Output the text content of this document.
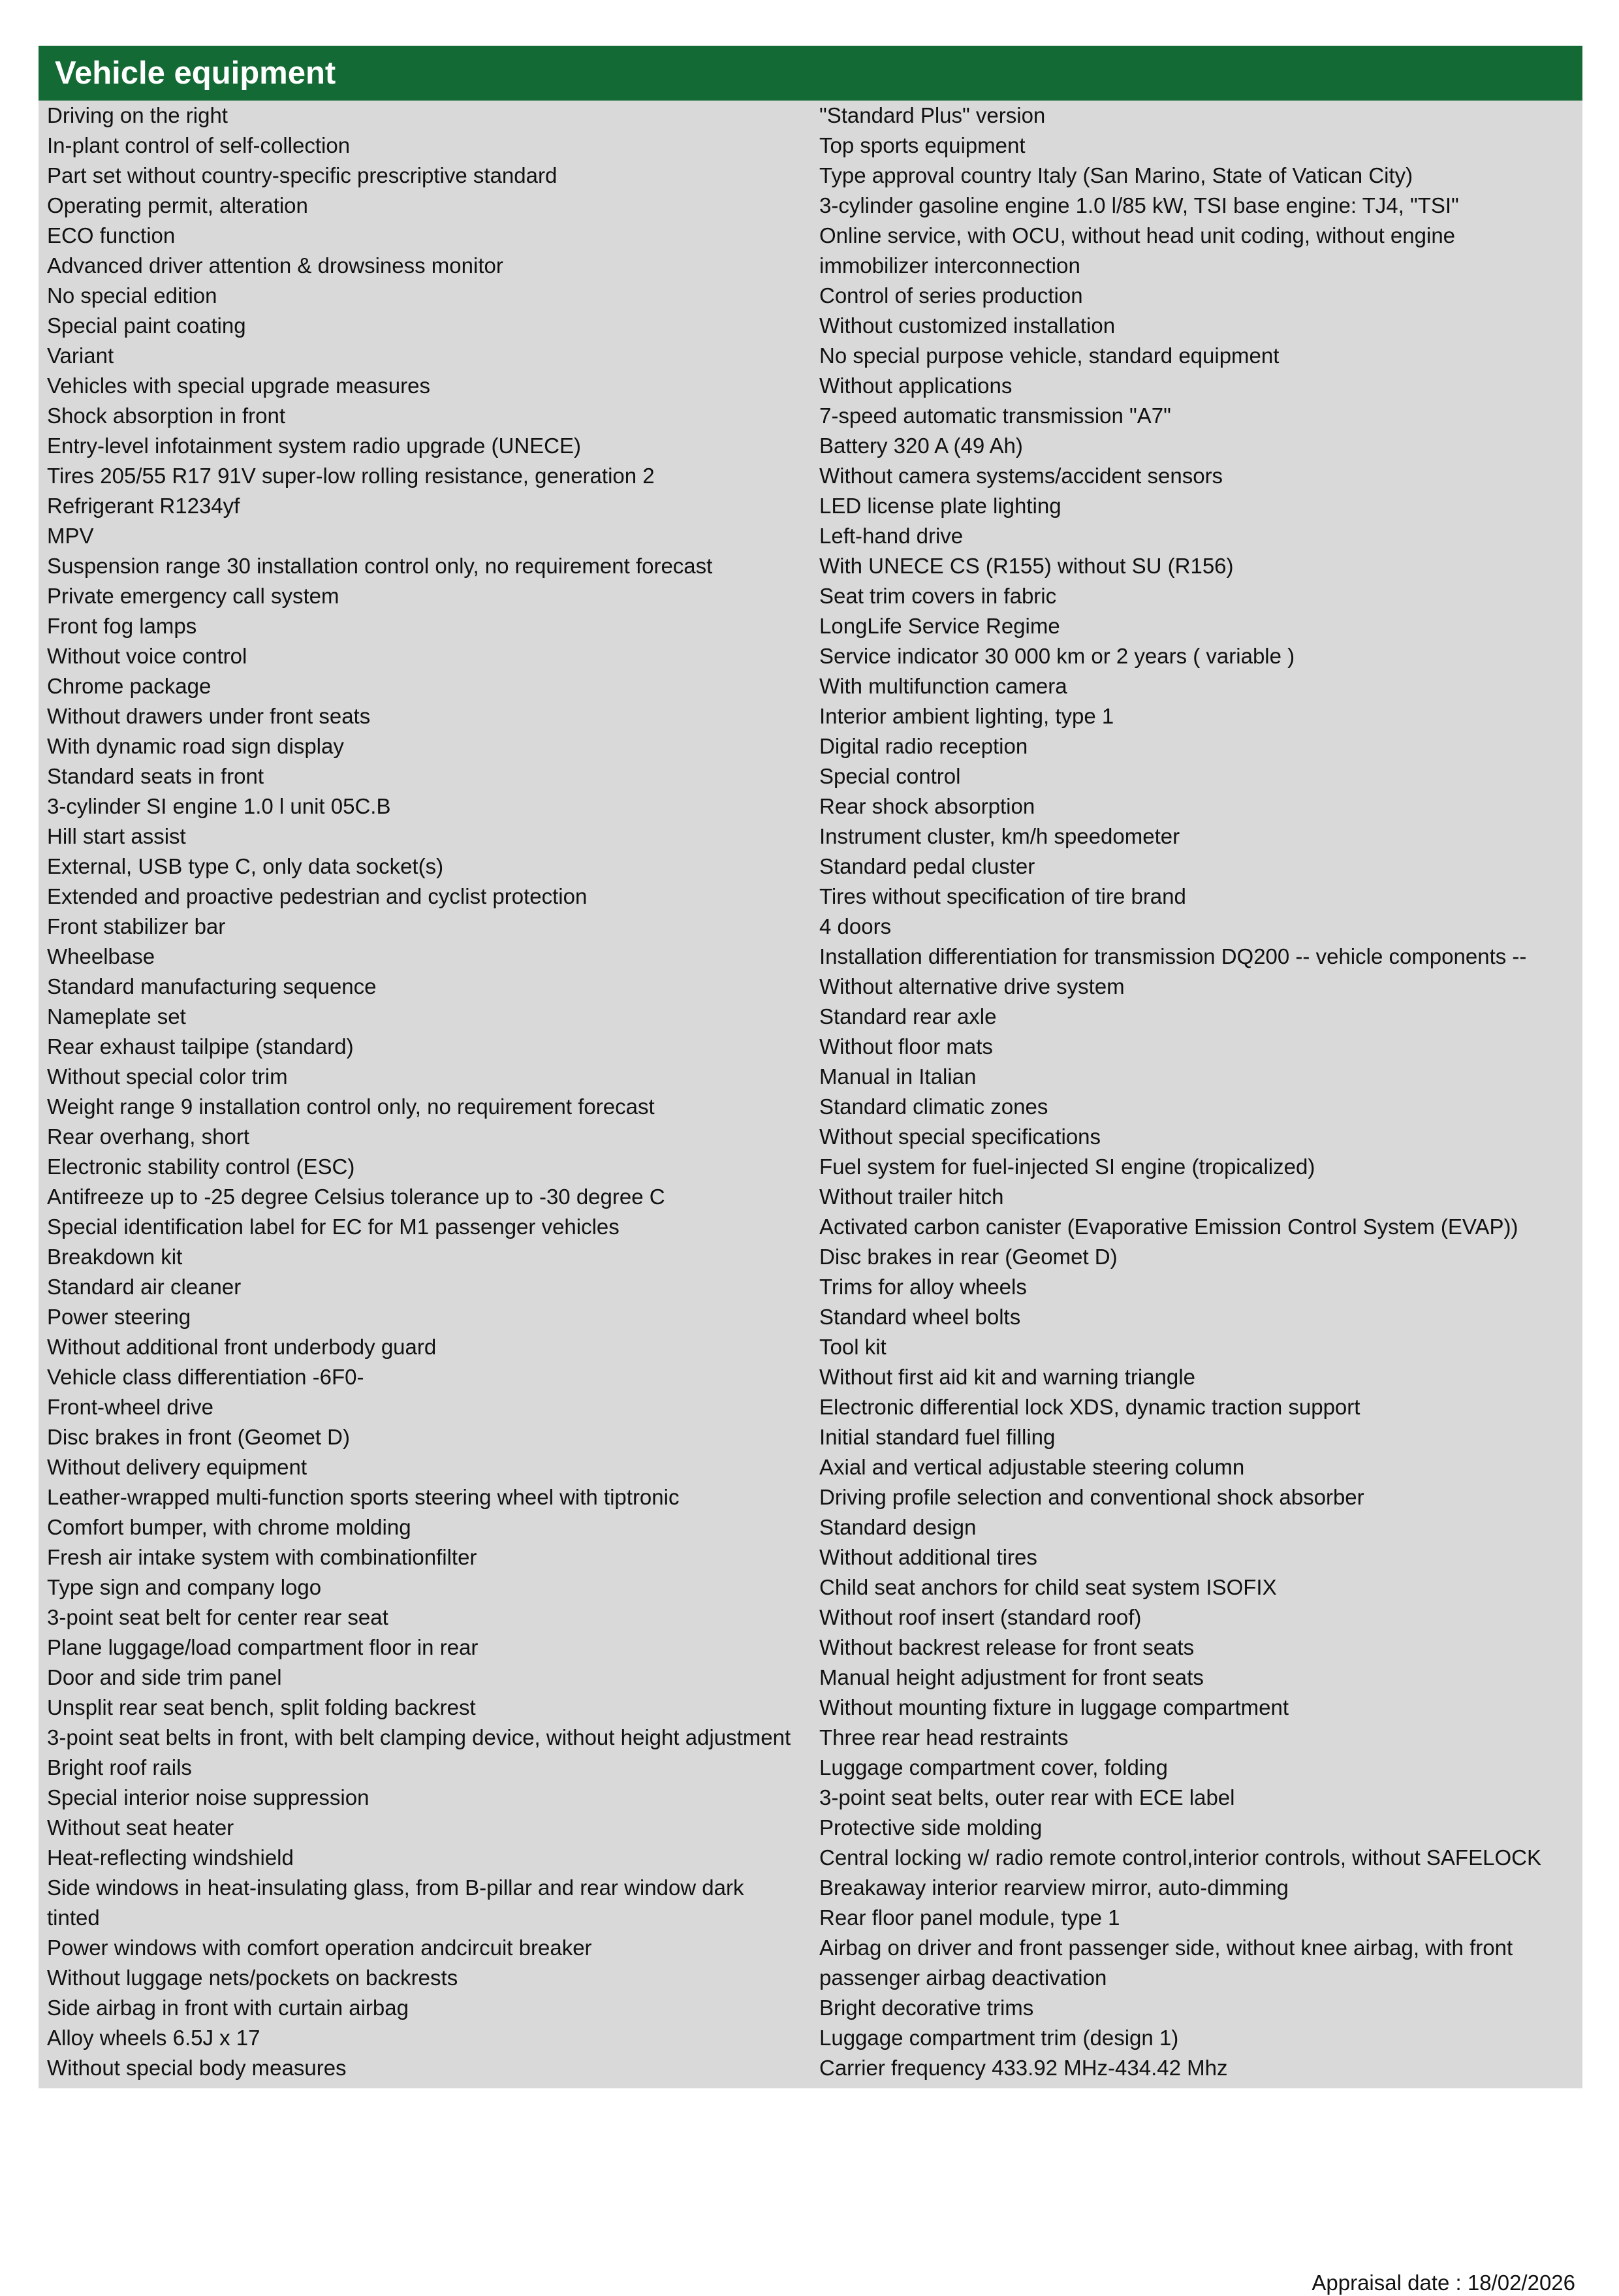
Vehicle equipment
Driving on the right
In-plant control of self-collection
Part set without country-specific prescriptive standard
Operating permit, alteration
ECO function
Advanced driver attention & drowsiness monitor
No special edition
Special paint coating
Variant
Vehicles with special upgrade measures
Shock absorption in front
Entry-level infotainment system radio upgrade (UNECE)
Tires 205/55 R17 91V super-low rolling resistance, generation 2
Refrigerant R1234yf
MPV
Suspension range 30 installation control only, no requirement forecast
Private emergency call system
Front fog lamps
Without voice control
Chrome package
Without drawers under front seats
With dynamic road sign display
Standard seats in front
3-cylinder SI engine 1.0 l unit 05C.B
Hill start assist
External, USB type C, only data socket(s)
Extended and proactive pedestrian and cyclist protection
Front stabilizer bar
Wheelbase
Standard manufacturing sequence
Nameplate set
Rear exhaust tailpipe (standard)
Without special color trim
Weight range 9 installation control only, no requirement forecast
Rear overhang, short
Electronic stability control (ESC)
Antifreeze up to -25 degree Celsius tolerance up to -30 degree C
Special identification label for EC for M1 passenger vehicles
Breakdown kit
Standard air cleaner
Power steering
Without additional front underbody guard
Vehicle class differentiation -6F0-
Front-wheel drive
Disc brakes in front (Geomet D)
Without delivery equipment
Leather-wrapped multi-function sports steering wheel with tiptronic
Comfort bumper, with chrome molding
Fresh air intake system with combinationfilter
Type sign and company logo
3-point seat belt for center rear seat
Plane luggage/load compartment floor in rear
Door and side trim panel
Unsplit rear seat bench, split folding backrest
3-point seat belts in front, with belt clamping device, without height adjustment
Bright roof rails
Special interior noise suppression
Without seat heater
Heat-reflecting windshield
Side windows in heat-insulating glass, from B-pillar and rear window dark
tinted
Power windows with comfort operation andcircuit breaker
Without luggage nets/pockets on backrests
Side airbag in front with curtain airbag
Alloy wheels 6.5J x 17
Without special body measures
"Standard Plus" version
Top sports equipment
Type approval country Italy (San Marino, State of Vatican City)
3-cylinder gasoline engine 1.0 l/85 kW, TSI base engine: TJ4, "TSI"
Online service, with OCU, without head unit coding, without engine
immobilizer interconnection
Control of series production
Without customized installation
No special purpose vehicle, standard equipment
Without applications
7-speed automatic transmission "A7"
Battery 320 A (49 Ah)
Without camera systems/accident sensors
LED license plate lighting
Left-hand drive
With UNECE CS (R155) without SU (R156)
Seat trim covers in fabric
LongLife Service Regime
Service indicator 30 000 km or 2 years ( variable )
With multifunction camera
Interior ambient lighting, type 1
Digital radio reception
Special control
Rear shock absorption
Instrument cluster, km/h speedometer
Standard pedal cluster
Tires without specification of tire brand
4 doors
Installation differentiation for transmission DQ200 -- vehicle components --
Without alternative drive system
Standard rear axle
Without floor mats
Manual in Italian
Standard climatic zones
Without special specifications
Fuel system for fuel-injected SI engine (tropicalized)
Without trailer hitch
Activated carbon canister (Evaporative Emission Control System (EVAP))
Disc brakes in rear (Geomet D)
Trims for alloy wheels
Standard wheel bolts
Tool kit
Without first aid kit and warning triangle
Electronic differential lock XDS, dynamic traction support
Initial standard fuel filling
Axial and vertical adjustable steering column
Driving profile selection and conventional shock absorber
Standard design
Without additional tires
Child seat anchors for child seat system ISOFIX
Without roof insert (standard roof)
Without backrest release for front seats
Manual height adjustment for front seats
Without mounting fixture in luggage compartment
Three rear head restraints
Luggage compartment cover, folding
3-point seat belts, outer rear with ECE label
Protective side molding
Central locking w/ radio remote control,interior controls, without SAFELOCK
Breakaway interior rearview mirror, auto-dimming
Rear floor panel module, type 1
Airbag on driver and front passenger side, without knee airbag, with front
passenger airbag deactivation
Bright decorative trims
Luggage compartment trim (design 1)
Carrier frequency 433.92 MHz-434.42 Mhz
Appraisal date : 18/02/2026
